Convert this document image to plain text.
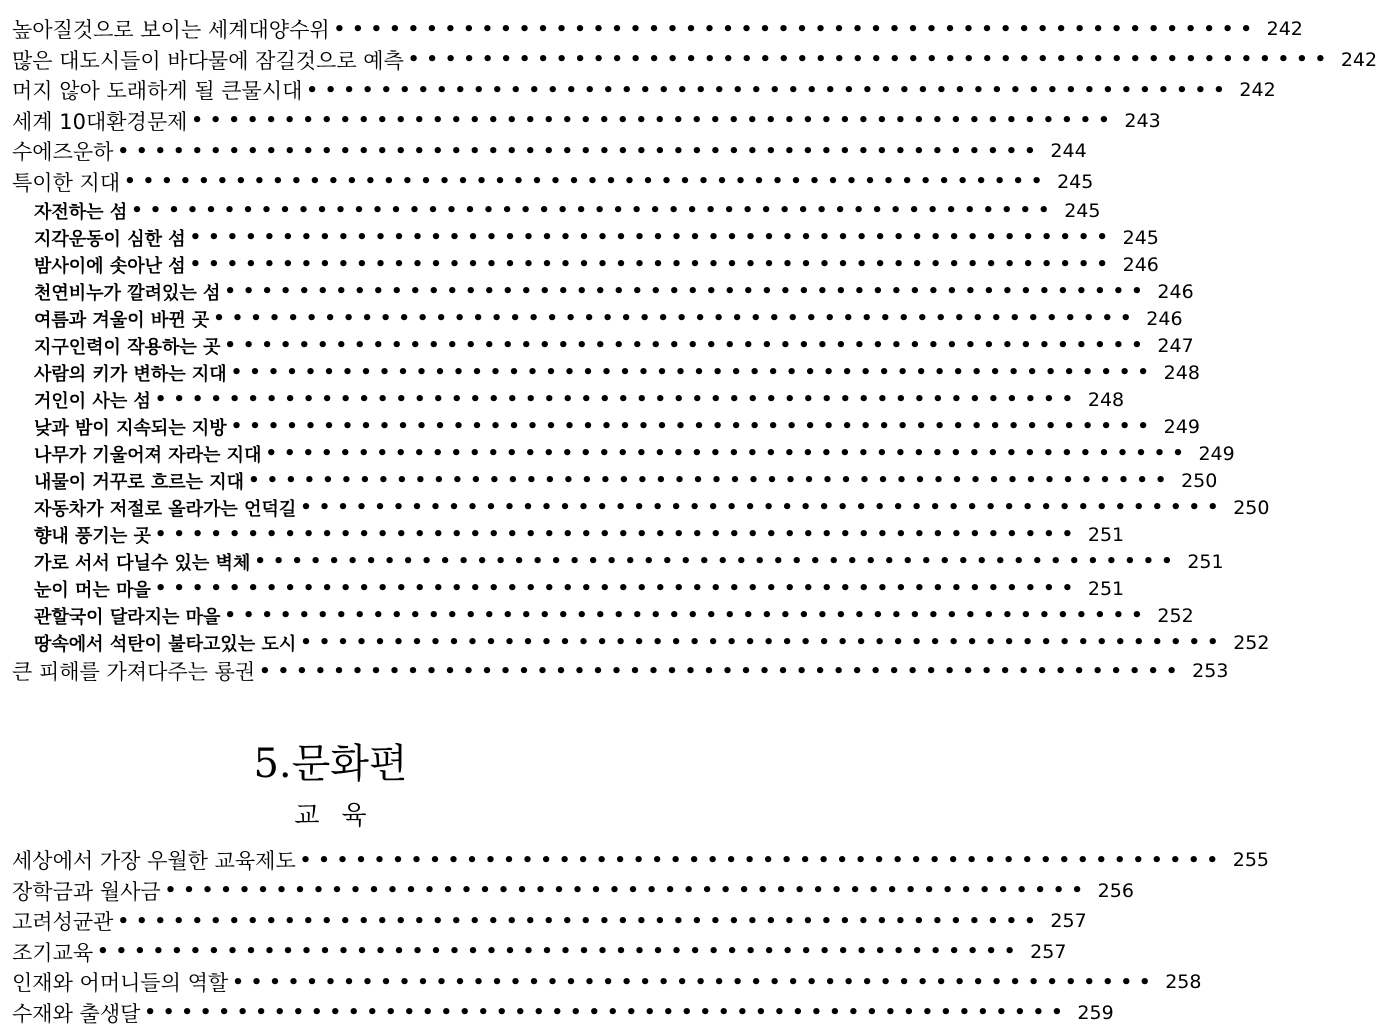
높아질것으로 보이는 세계대양수위 •••••••••••••••••••••••••••••••••••••••••••••••••• 242
많은 대도시들이 바다물에 잠길것으로 예측 •••••••••••••••••••••••••••••••••••••••••••••••••• 242
머지 않아 도래하게 될 큰물시대 •••••••••••••••••••••••••••••••••••••••••••••••••• 242
세계 10대환경문제 •••••••••••••••••••••••••••••••••••••••••••••••••• 243
수에즈운하 •••••••••••••••••••••••••••••••••••••••••••••••••• 244
특이한 지대 •••••••••••••••••••••••••••••••••••••••••••••••••• 245
자전하는 섬 •••••••••••••••••••••••••••••••••••••••••••••••••• 245
지각운동이 심한 섬 •••••••••••••••••••••••••••••••••••••••••••••••••• 245
밤사이에 솟아난 섬 •••••••••••••••••••••••••••••••••••••••••••••••••• 246
천연비누가 깔려있는 섬 •••••••••••••••••••••••••••••••••••••••••••••••••• 246
여름과 겨울이 바뀐 곳 •••••••••••••••••••••••••••••••••••••••••••••••••• 246
지구인력이 작용하는 곳 •••••••••••••••••••••••••••••••••••••••••••••••••• 247
사람의 키가 변하는 지대 •••••••••••••••••••••••••••••••••••••••••••••••••• 248
거인이 사는 섬 •••••••••••••••••••••••••••••••••••••••••••••••••• 248
낮과 밤이 지속되는 지방 •••••••••••••••••••••••••••••••••••••••••••••••••• 249
나무가 기울어져 자라는 지대 •••••••••••••••••••••••••••••••••••••••••••••••••• 249
내물이 거꾸로 흐르는 지대 •••••••••••••••••••••••••••••••••••••••••••••••••• 250
자동차가 저절로 올라가는 언덕길 •••••••••••••••••••••••••••••••••••••••••••••••••• 250
향내 풍기는 곳 •••••••••••••••••••••••••••••••••••••••••••••••••• 251
가로 서서 다닐수 있는 벽체 •••••••••••••••••••••••••••••••••••••••••••••••••• 251
눈이 머는 마을 •••••••••••••••••••••••••••••••••••••••••••••••••• 251
관할국이 달라지는 마을 •••••••••••••••••••••••••••••••••••••••••••••••••• 252
땅속에서 석탄이 불타고있는 도시 •••••••••••••••••••••••••••••••••••••••••••••••••• 252
큰 피해를 가져다주는 룡권 •••••••••••••••••••••••••••••••••••••••••••••••••• 253
5.문화편
교육
세상에서 가장 우월한 교육제도 •••••••••••••••••••••••••••••••••••••••••••••••••• 255
장학금과 월사금 •••••••••••••••••••••••••••••••••••••••••••••••••• 256
고려성균관 •••••••••••••••••••••••••••••••••••••••••••••••••• 257
조기교육 •••••••••••••••••••••••••••••••••••••••••••••••••• 257
인재와 어머니들의 역할 •••••••••••••••••••••••••••••••••••••••••••••••••• 258
수재와 출생달 •••••••••••••••••••••••••••••••••••••••••••••••••• 259
